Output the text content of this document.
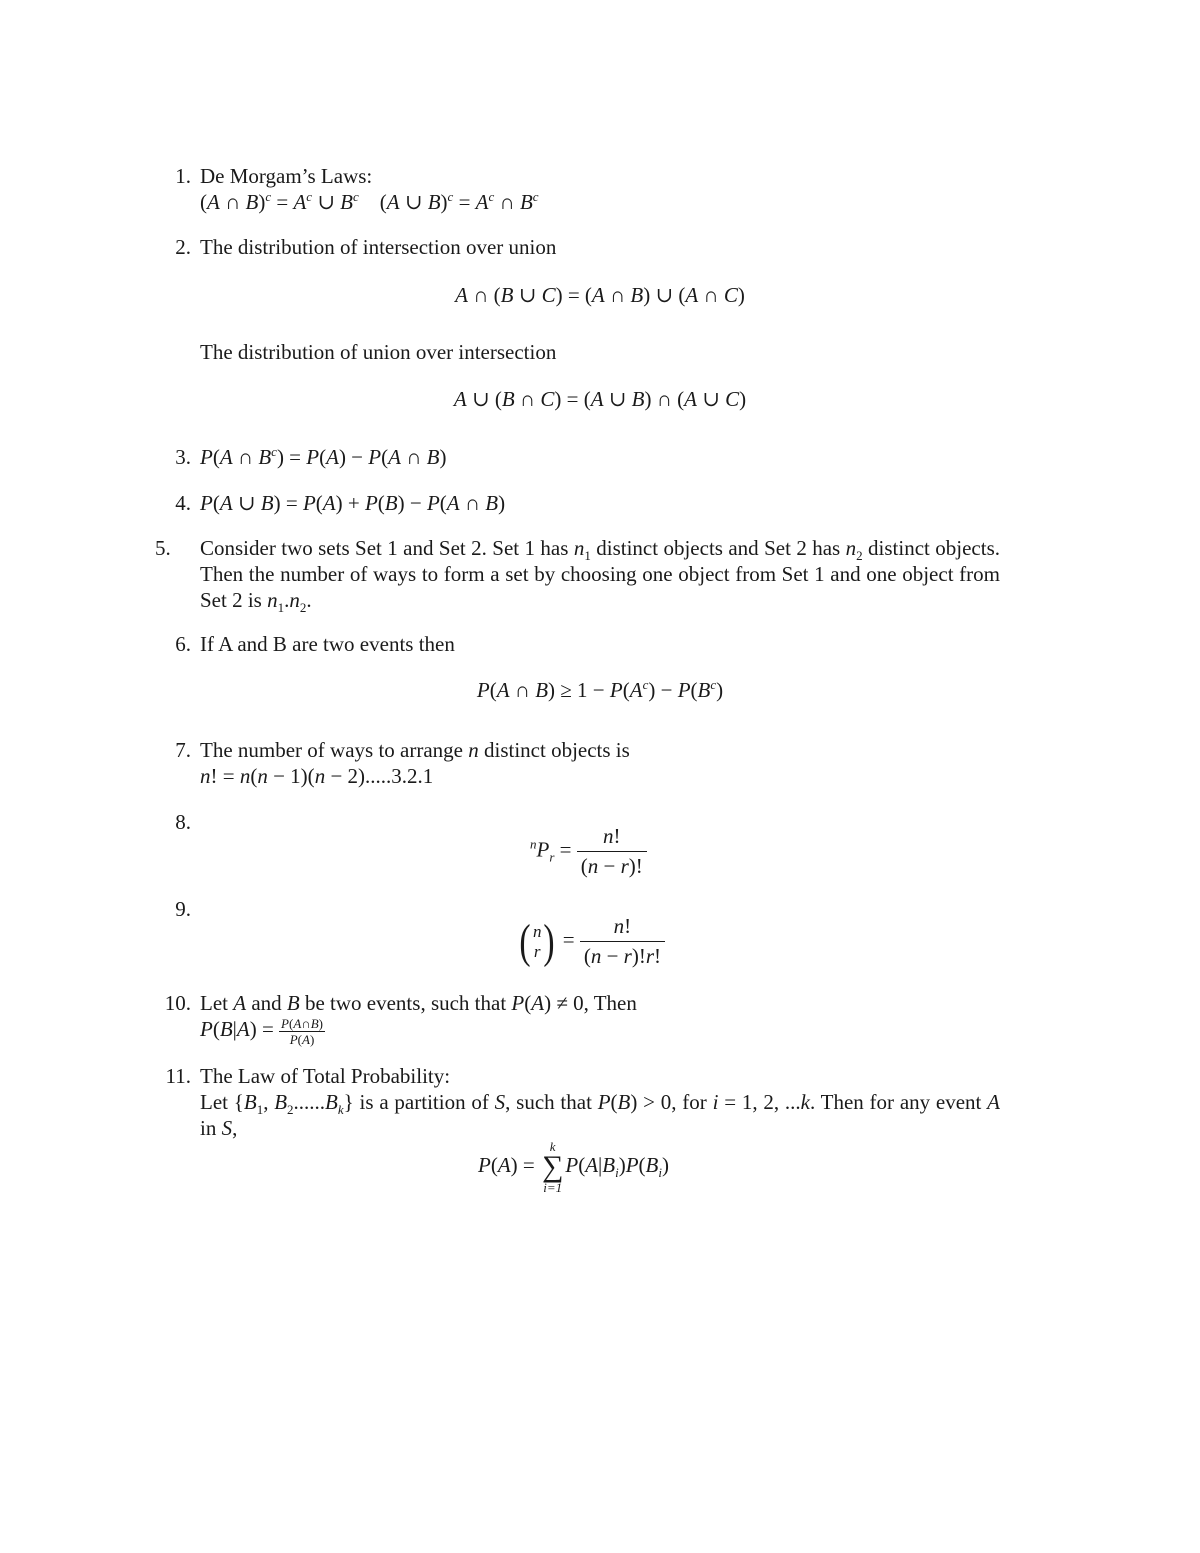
1. De Morgam’s Laws:
(A ∩ $B)^c = A^c$ ∪ $B^c$    (A ∪ $B)^c = A^c$ ∩ $B^c$
2. The distribution of intersection over union
A ∩ (B ∪ C) = (A ∩ B) ∪ (A ∩ C)
The distribution of union over intersection
A ∪ (B ∩ C) = (A ∪ B) ∩ (A ∪ C)
3. P(A ∩ $B^c) = P(A) - P(A$ ∩ B)
4. P(A ∪ B) = P(A) + P(B) − P(A ∩ B)
5.	Consider two sets Set 1 and Set 2. Set 1 has $n_1$ distinct objects and Set 2 has $n_2$ distinct objects. Then the number of ways to form a set by choosing one object from Set 1 and one object from Set 2 is $n_1.n_2$.
6. If A and B are two events then
P(A ∩ $B) \ge 1 - P(A^c) - P(B^c)$
7. The number of ways to arrange n distinct objects is
n! = n(n − 1)(n − 2).....3.2.1
8.
$^nP_r = \frac{n!}{(n - r)!}$
9.
( n
r ) = $\frac{n!}{(n - r)!r!}$
10. Let A and B be two events, such that P(A) ≠ 0, Then
$P(B|A) = \frac{P(A\cap B)}{P(A)}$
11. The Law of Total Probability:
Let {$B_1$, $B_2......B_k$} is a partition of S, such that P(B) > 0, for i = 1, 2, ...k. Then for any event A in S,
P(A) =
k
∑
i=1
$P(A|B_i)P(B_i)$
